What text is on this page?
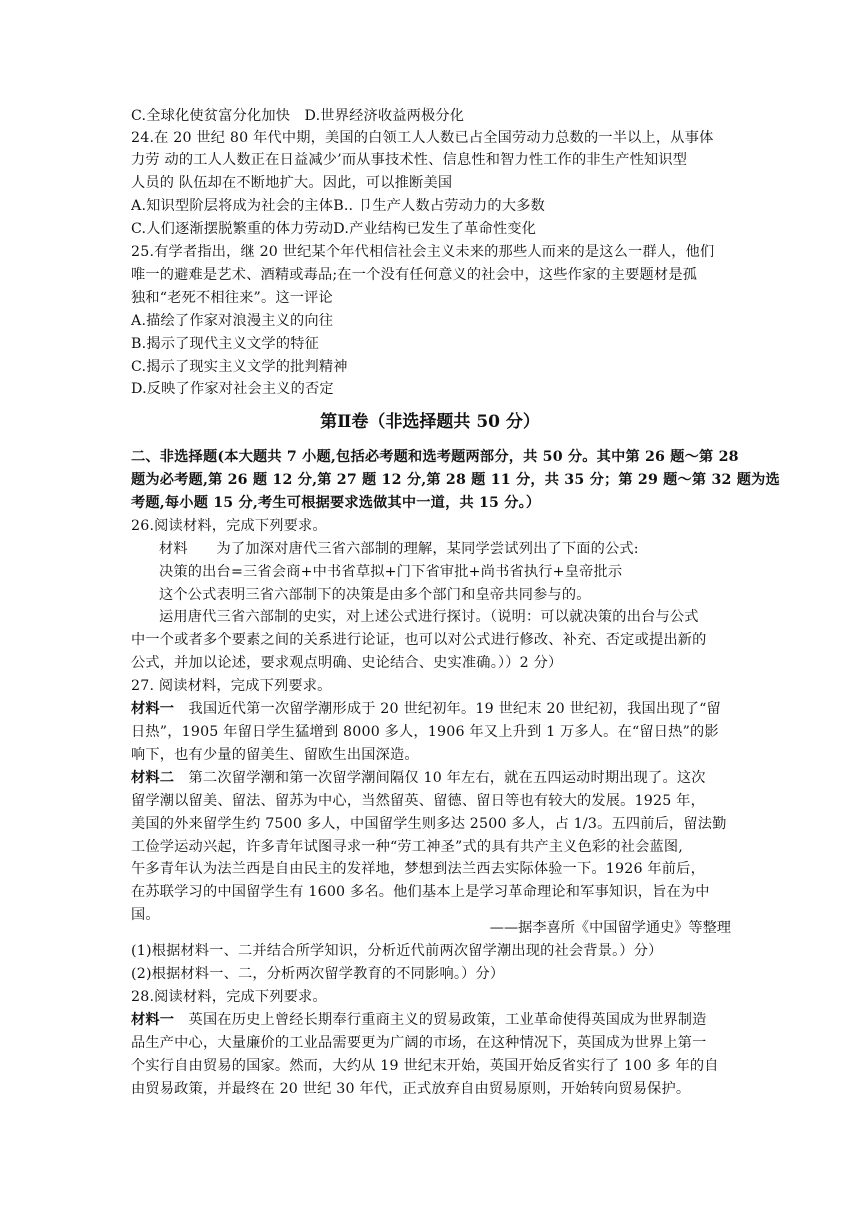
C.全球化使贫富分化加快　D.世界经济收益两极分化
24.在 20 世纪 80 年代中期，美国的白领工人人数已占全国劳动力总数的一半以上，从事体
力劳 动的工人人数正在日益减少’而从事技术性、信息性和智力性工作的非生产性知识型
人员的 队伍却在不断地扩大。因此，可以推断美国
A.知识型阶层将成为社会的主体B.. 卩生产人数占劳动力的大多数
C.人们逐渐摆脱繁重的体力劳动D.产业结构已发生了革命性变化
25.有学者指出，继 20 世纪某个年代相信社会主义未来的那些人而来的是这么一群人，他们
唯一的避难是艺术、酒精或毒品;在一个没有任何意义的社会中，这些作家的主要题材是孤
独和“老死不相往来”。这一评论
A.描绘了作家对浪漫主义的向往
B.揭示了现代主义文学的特征
C.揭示了现实主义文学的批判精神
D.反映了作家对社会主义的否定
第Ⅱ卷（非选择题共 50 分）
二、非选择题(本大题共 7 小题,包括必考题和选考题两部分，共 50 分。其中第 26 题～第 28
题为必考题,第 26 题 12 分,第 27 题 12 分,第 28 题 11 分，共 35 分；第 29 题～第 32 题为选
考题,每小题 15 分,考生可根据要求选做其中一道，共 15 分。）
26.阅读材料，完成下列要求。
材料　　为了加深对唐代三省六部制的理解，某同学尝试列出了下面的公式:
决策的出台=三省会商+中书省草拟+门下省审批+尚书省执行+皇帝批示
这个公式表明三省六部制下的决策是由多个部门和皇帝共同参与的。
运用唐代三省六部制的史实，对上述公式进行探讨。（说明：可以就决策的出台与公式
中一个或者多个要素之间的关系进行论证，也可以对公式进行修改、补充、否定或提出新的
公式，并加以论述，要求观点明确、史论结合、史实准确。））2 分）
27. 阅读材料，完成下列要求。
材料一　我国近代第一次留学潮形成于 20 世纪初年。19 世纪末 20 世纪初，我国出现了“留
日热”，1905 年留日学生猛增到 8000 多人，1906 年又上升到 1 万多人。在“留日热”的影
响下，也有少量的留美生、留欧生出国深造。
材料二　第二次留学潮和第一次留学潮间隔仅 10 年左右，就在五四运动时期出现了。这次
留学潮以留美、留法、留苏为中心，当然留英、留德、留日等也有较大的发展。1925 年，
美国的外来留学生约 7500 多人，中国留学生则多达 2500 多人，占 1/3。五四前后，留法勤
工俭学运动兴起，许多青年试图寻求一种“劳工神圣”式的具有共产主义色彩的社会蓝图,
午多青年认为法兰西是自由民主的发祥地，梦想到法兰西去实际体验一下。1926 年前后，
在苏联学习的中国留学生有 1600 多名。他们基本上是学习革命理论和军事知识，旨在为中
国。
——据李喜所《中国留学通史》等整理
(1)根据材料一、二并结合所学知识，分析近代前两次留学潮出现的社会背景。）分）
(2)根据材料一、二，分析两次留学教育的不同影响。）分）
28.阅读材料，完成下列要求。
材料一　英国在历史上曾经长期奉行重商主义的贸易政策，工业革命使得英国成为世界制造
品生产中心，大量廉价的工业品需要更为广阔的市场，在这种情况下，英国成为世界上第一
个实行自由贸易的国家。然而，大约从 19 世纪末开始，英国开始反省实行了 100 多 年的自
由贸易政策，并最终在 20 世纪 30 年代，正式放弃自由贸易原则，开始转向贸易保护。
